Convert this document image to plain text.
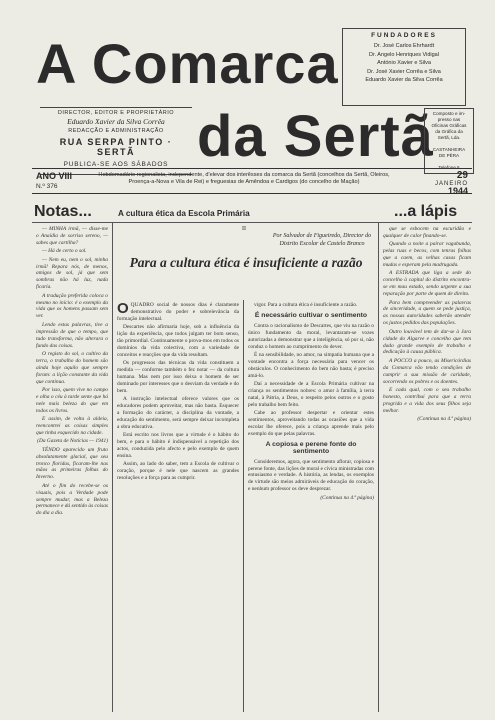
A Comarca
da Sertã
FUNDADORES
Dr. José Carlos Ehrhardt
Dr. Angelo Henriques Vidigal
António Xavier e Silva
Dr. José Xavier Corrêa e Silva
Eduardo Xavier da Silva Corrêa
DIRECTOR, EDITOR E PROPRIETÁRIO
Eduardo Xavier da Silva Corrêa
REDACÇÃO E ADMINISTRAÇÃO
RUA SERPA PINTO · SERTÃ
PUBLICA-SE AOS SÁBADOS
Composto e im-
presso nas
Oficinas Gráficas
da Gráfica da
Sertã, Lda.

CASTANHEIRA
DE PÊRA

Telefone 6
ANO VIII
N.º 376
Hebdomadário regionalista, independente, d'elevar dos interêsses da comarca da Sertã (concelhos da Sertã, Oleiros, Proença-a-Nova e Vila de Rei) e freguesias de Amêndoa e Cardigos (do concelho de Mação)
29
JANEIRO
1944
Notas...	A cultura ética da Escola Primária	...a lápis
II
Por Salvador de Figueiredo, Director do Distrito Escolar de Castelo Branco
Para a cultura ética é insuficiente a razão

— MINHA irmã, — disse-me o Anaídia de sorriso sereno, — sabes que cartilha?

— Há de certo o sol.

— Nem eu, nem o sol, minha irmã! Repara nós, de menos, amigos de sol, já que sem sombras não há luz, nada ficaria.

A tradução preferida coloca o mesmo no início: é o exemplo da vida que os homens passam sem ver.

Lendo estas palavras, tive a impressão de que o tempo, que tudo transforma, não alterara o fundo das coisas.

O registo do sol, o cultivo da terra, o trabalho do homem são ainda hoje aquilo que sempre foram: a lição constante da vida que continua.

Por isso, quem vive no campo e olha o céu à tarde sente que há nele mais beleza do que em todos os livros.

E assim, de volta à aldeia, reencontrei as coisas simples que tinha esquecido na cidade.

(Da Gazeta de Notícias — 1941)

TÊNDO aparecido um fruto absolutamente glacial, que seu tronco floridas, ficaram-lhe nas mãos as primeiras folhas do Inverno.

Até o fim do recebe-se os visuais, pois a Verdade pode sempre mudar, mas a Beleza permanece e dá sentido às coisas do dia a dia.

OQUADRO social de nossos dias é claramente demonstrativo do poder e sobrelevância da formação intelectual.

Descartes não afirmaria hoje, sob a influência da lição da experiência, que todos julgam ter bom senso, tão primordial. Continuamente o prova-mos em todos os domínios da vida colectiva, com a variedade de conceitos e reacções que da vida resultam.

Os progressos das técnicas da vida constituem a medida — conforme também o fez notar — da cultura humana. Mas nem por isso deixa o homem de ser dominado por interesses que o desviam da verdade e do bem.

A instrução intelectual oferece valores que os educadores podem aproveitar, mas não basta. Esquecer a formação do carácter, a disciplina da vontade, a educação do sentimento, será sempre deixar incompleta a obra educativa.

Está escrito nos livros que a virtude é o hábito do bem, e para o hábito é indispensável a repetição dos actos, conduzida pelo afecto e pelo exemplo de quem ensina.

Assim, ao lado do saber, tem a Escola de cultivar o coração, porque é nele que nascem as grandes resoluções e a força para as cumprir.

vigor. Para a cultura ética é insuficiente a razão.

É necessário cultivar o sentimento

Contra o racionalismo de Descartes, que viu na razão o único fundamento da moral, levantaram-se vozes autorizadas a demonstrar que a inteligência, só por si, não conduz o homem ao cumprimento do dever.

É na sensibilidade, no amor, na simpatia humana que a vontade encontra a força necessária para vencer os obstáculos. O conhecimento do bem não basta; é preciso amá-lo.

Daí a necessidade de a Escola Primária cultivar na criança os sentimentos nobres: o amor à família, à terra natal, à Pátria, a Deus, o respeito pelos outros e o gosto pelo trabalho bem feito.

Cabe ao professor despertar e orientar estes sentimentos, aproveitando todas as ocasiões que a vida escolar lhe oferece, pois a criança aprende mais pelo exemplo do que pelas palavras.

A copiosa e perene fonte do sentimento

Consideremos, agora, que sentimento aflorar, copiosa e perene fonte, das lições de moral e cívica ministradas com entusiasmo e verdade. A história, as lendas, os exemplos de virtude são meios admiráveis de educação do coração, e nenhum professor os deve desprezar.

(Continua na 4.ª página)

que se esbocem na escuridão e qualquer de calor finando-se.

Quando a noite a pairar vagabunda, pelas ruas e becos, com tenras folhas que a caem, as velhas casas ficam mudas e esperam pela madrugada.

A ESTRADA que liga a sede do concelho à capital do distrito encontra-se em mau estado, sendo urgente a sua reparação por parte de quem de direito.

Para bem compreender as palavras de sinceridade, a quem se pede justiça, as nossas autoridades saberão atender os justos pedidos das populações.

Outro louvável tem de dar-se à Jara cidade do Algarve e concelho que tem dado grande exemplo de trabalho e dedicação à causa pública.

A POCCO a pouco, as Misericórdias da Comarca vão tendo condições de cumprir a sua missão de caridade, socorrendo os pobres e os doentes.

E cada qual, com o seu trabalho honesto, contribui para que a terra progrida e a vida dos seus filhos seja melhor.

(Continua na 4.ª página)
